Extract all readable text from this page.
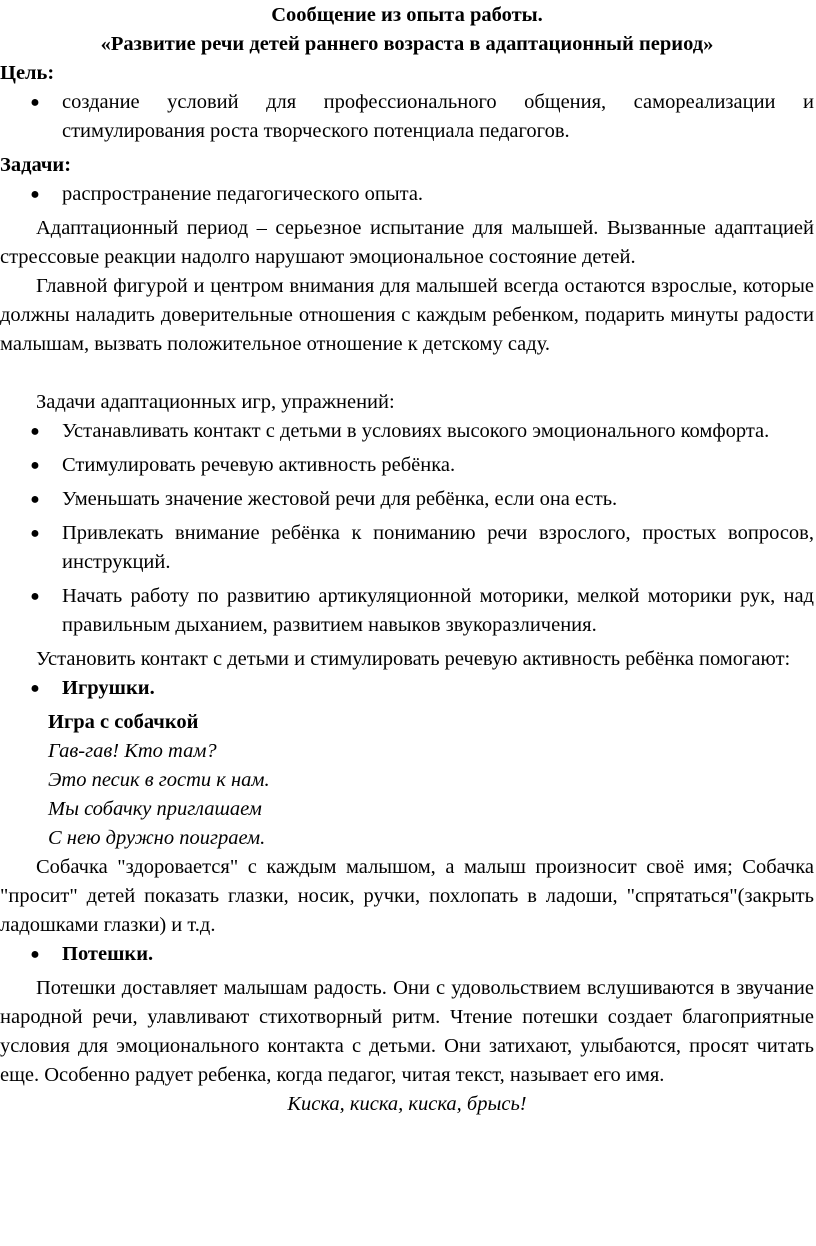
Сообщение из опыта работы.
«Развитие речи детей раннего возраста в адаптационный период»

Цель:

● создание условий для профессионального общения, самореализации и стимулирования роста творческого потенциала педагогов.

Задачи:

● распространение педагогического опыта.

Адаптационный период – серьезное испытание для малышей. Вызванные адаптацией стрессовые реакции надолго нарушают эмоциональное состояние детей.

Главной фигурой и центром внимания для малышей всегда остаются взрослые, которые должны наладить доверительные отношения с каждым ребенком, подарить минуты радости малышам, вызвать положительное отношение к детскому саду.

Задачи адаптационных игр, упражнений:

● Устанавливать контакт с детьми в условиях высокого эмоционального комфорта.
● Стимулировать речевую активность ребёнка.
● Уменьшать значение жестовой речи для ребёнка, если она есть.
● Привлекать внимание ребёнка к пониманию речи взрослого, простых вопросов, инструкций.
● Начать работу по развитию артикуляционной моторики, мелкой моторики рук, над правильным дыханием, развитием навыков звукоразличения.

Установить контакт с детьми и стимулировать речевую активность ребёнка помогают:

● Игрушки.

Игра с собачкой

Гав-гав! Кто там?

Это песик в гости к нам.

Мы собачку приглашаем

С нею дружно поиграем.

Собачка "здоровается" с каждым малышом, а малыш произносит своё имя; Собачка "просит" детей показать глазки, носик, ручки, похлопать в ладоши, "спрятаться"(закрыть ладошками глазки) и т.д.

● Потешки.

Потешки доставляет малышам радость. Они с удовольствием вслушиваются в звучание народной речи, улавливают стихотворный ритм. Чтение потешки создает благоприятные условия для эмоционального контакта с детьми. Они затихают, улыбаются, просят читать еще. Особенно радует ребенка, когда педагог, читая текст, называет его имя.

Киска, киска, киска, брысь!
